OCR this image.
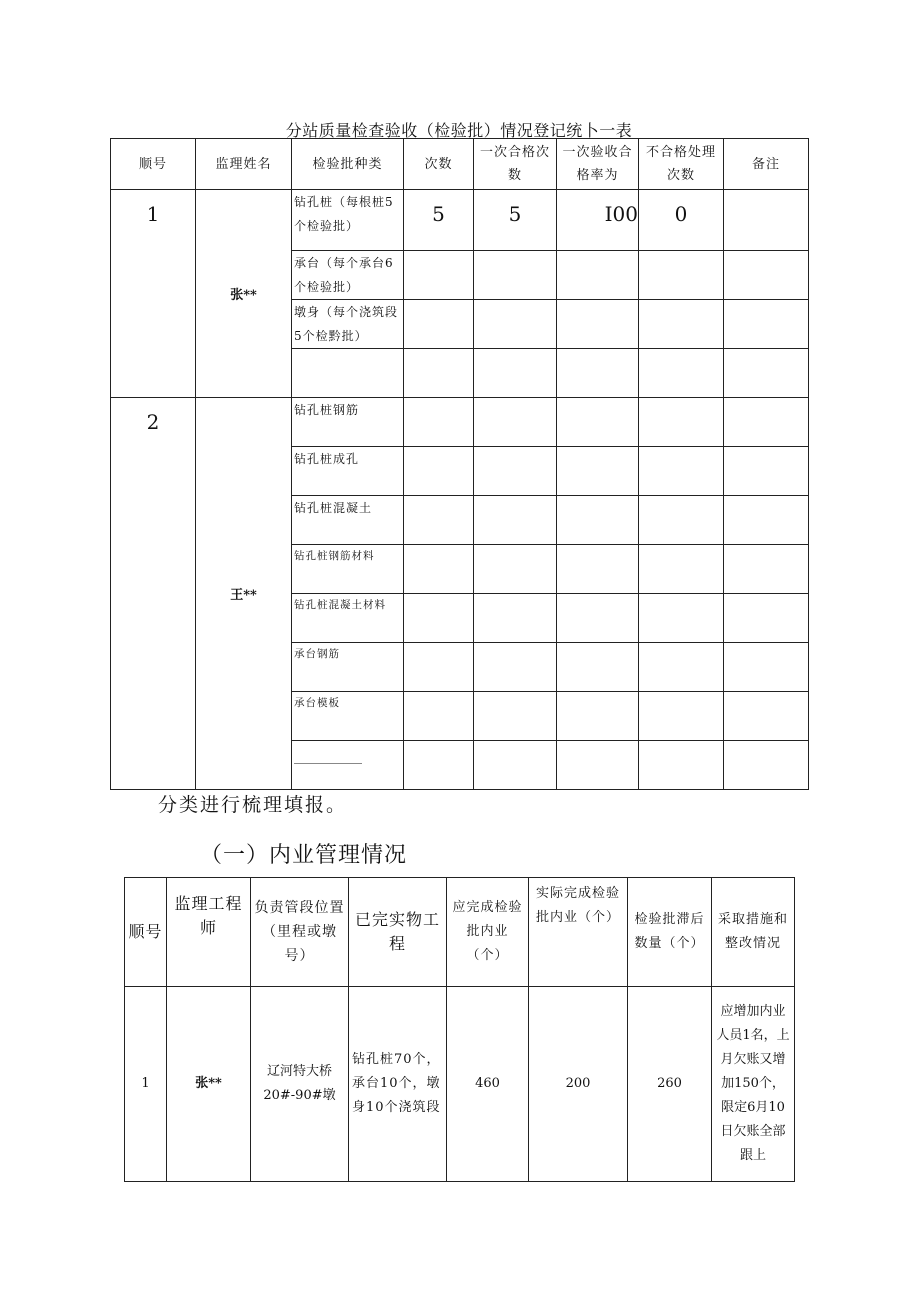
分站质量检查验收（检验批）情况登记统卜一表
顺号	监理姓名	检验批种类	次数	一次合格次数	一次验收合格率为	不合格处理次数	备注
1	张**	钻孔桩（每根桩5个检验批）	5	5	I00	0	
		承台（每个承台6个检验批）					
		墩身（每个浇筑段5个检黔批）					

2	王**	钻孔桩钢筋					
		钻孔桩成孔					
		钻孔桩混凝土					
		钻孔桩钢筋材料					
		钻孔桩混凝土材料					
		承台钢筋					
		承台模板					

分类进行梳理填报。
（一）内业管理情况
顺号	监理工程师	负责管段位置（里程或墩号）	已完实物工程	应完成检验批内业（个）	实际完成检验批内业（个）	检验批滞后数量（个）	采取措施和整改情况
1	张**	辽河特大桥20#-90#墩	钻孔桩70个，承台10个，墩身10个浇筑段	460	200	260	应增加内业人员1名，上月欠账又增加150个，限定6月10日欠账全部跟上
